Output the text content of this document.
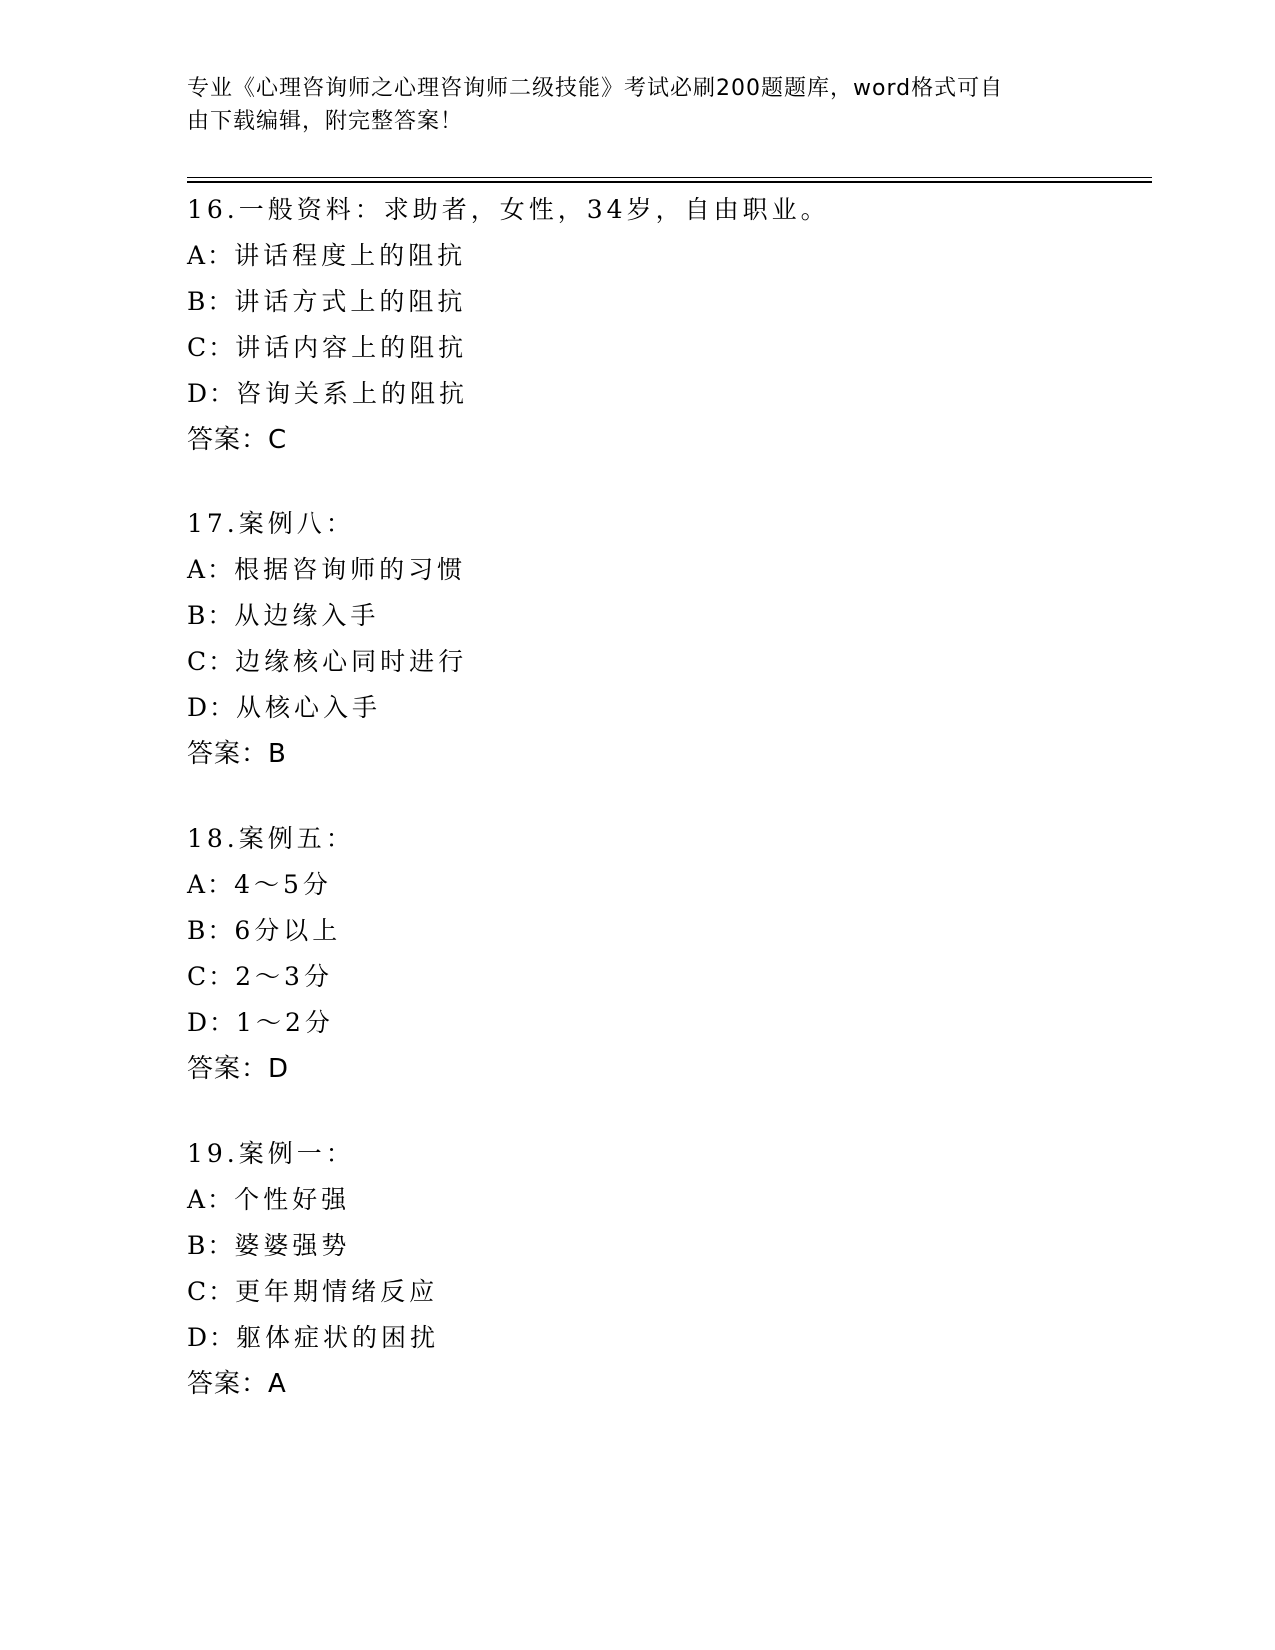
专业《心理咨询师之心理咨询师二级技能》考试必刷200题题库，word格式可自
由下载编辑，附完整答案！
16.一般资料：求助者，女性，34岁，自由职业。
A：讲话程度上的阻抗
B：讲话方式上的阻抗
C：讲话内容上的阻抗
D：咨询关系上的阻抗
答案：C
17.案例八：
A：根据咨询师的习惯
B：从边缘入手
C：边缘核心同时进行
D：从核心入手
答案：B
18.案例五：
A：4～5分
B：6分以上
C：2～3分
D：1～2分
答案：D
19.案例一：
A：个性好强
B：婆婆强势
C：更年期情绪反应
D：躯体症状的困扰
答案：A
